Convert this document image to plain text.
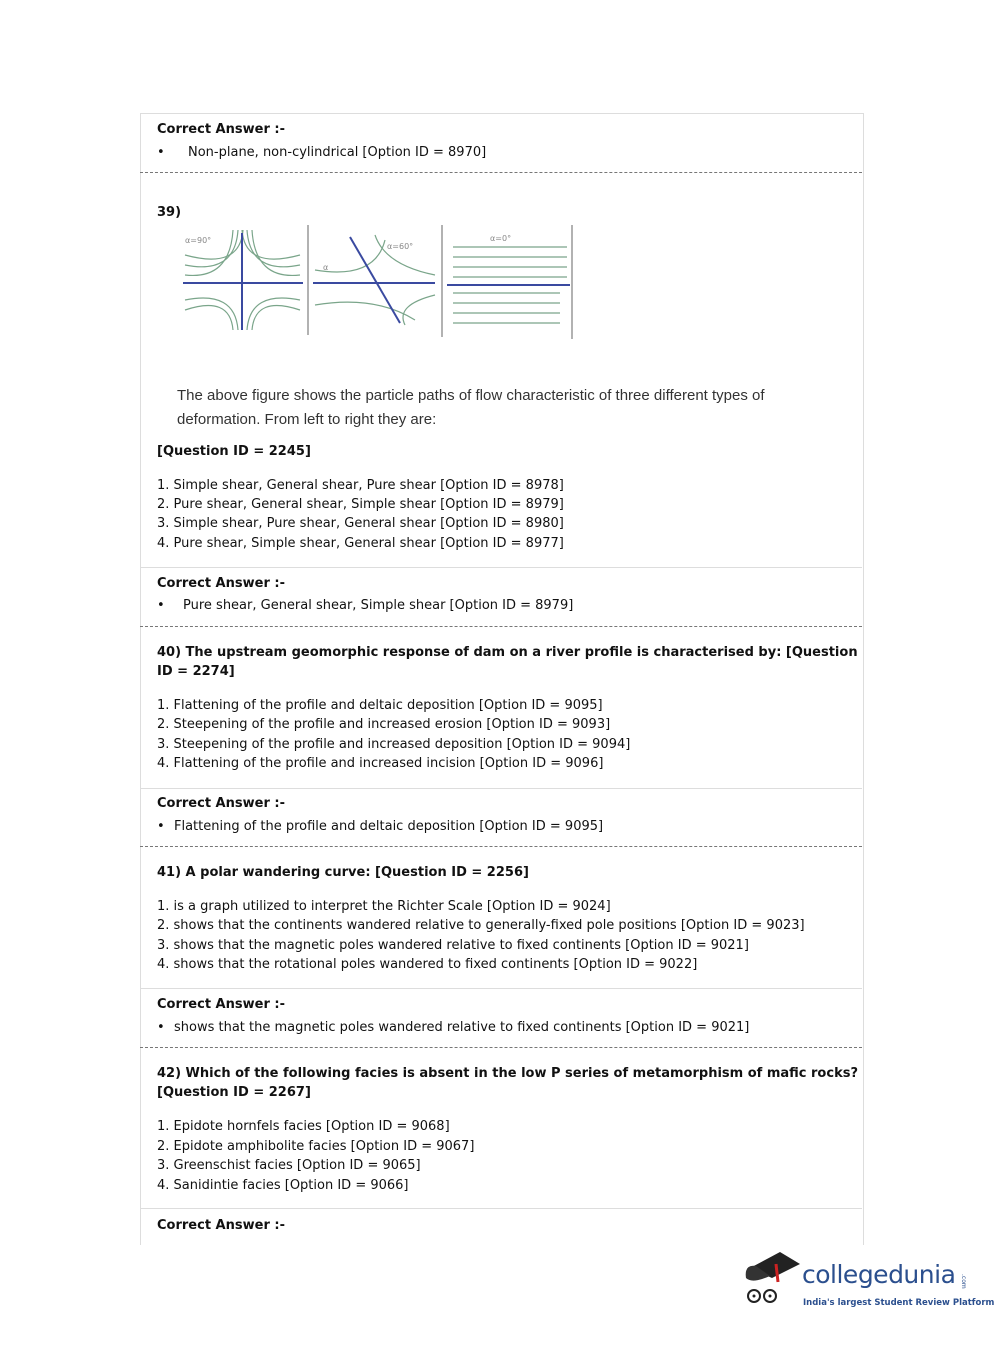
Correct Answer :-
• Non-plane, non-cylindrical [Option ID = 8970]
39)
α=90°
α
α=60°
α=0°
The above figure shows the particle paths of flow characteristic of three different types of
deformation. From left to right they are:
[Question ID = 2245]
1. Simple shear, General shear, Pure shear [Option ID = 8978]
2. Pure shear, General shear, Simple shear [Option ID = 8979]
3. Simple shear, Pure shear, General shear [Option ID = 8980]
4. Pure shear, Simple shear, General shear [Option ID = 8977]
Correct Answer :-
• Pure shear, General shear, Simple shear [Option ID = 8979]
40) The upstream geomorphic response of dam on a river profile is characterised by: [Question
ID = 2274]
1. Flattening of the profile and deltaic deposition [Option ID = 9095]
2. Steepening of the profile and increased erosion [Option ID = 9093]
3. Steepening of the profile and increased deposition [Option ID = 9094]
4. Flattening of the profile and increased incision [Option ID = 9096]
Correct Answer :-
• Flattening of the profile and deltaic deposition [Option ID = 9095]
41) A polar wandering curve: [Question ID = 2256]
1. is a graph utilized to interpret the Richter Scale [Option ID = 9024]
2. shows that the continents wandered relative to generally-fixed pole positions [Option ID = 9023]
3. shows that the magnetic poles wandered relative to fixed continents [Option ID = 9021]
4. shows that the rotational poles wandered to fixed continents [Option ID = 9022]
Correct Answer :-
• shows that the magnetic poles wandered relative to fixed continents [Option ID = 9021]
42) Which of the following facies is absent in the low P series of metamorphism of mafic rocks?
[Question ID = 2267]
1. Epidote hornfels facies [Option ID = 9068]
2. Epidote amphibolite facies [Option ID = 9067]
3. Greenschist facies [Option ID = 9065]
4. Sanidintie facies [Option ID = 9066]
Correct Answer :-
collegedunia .com
India's largest Student Review Platform
